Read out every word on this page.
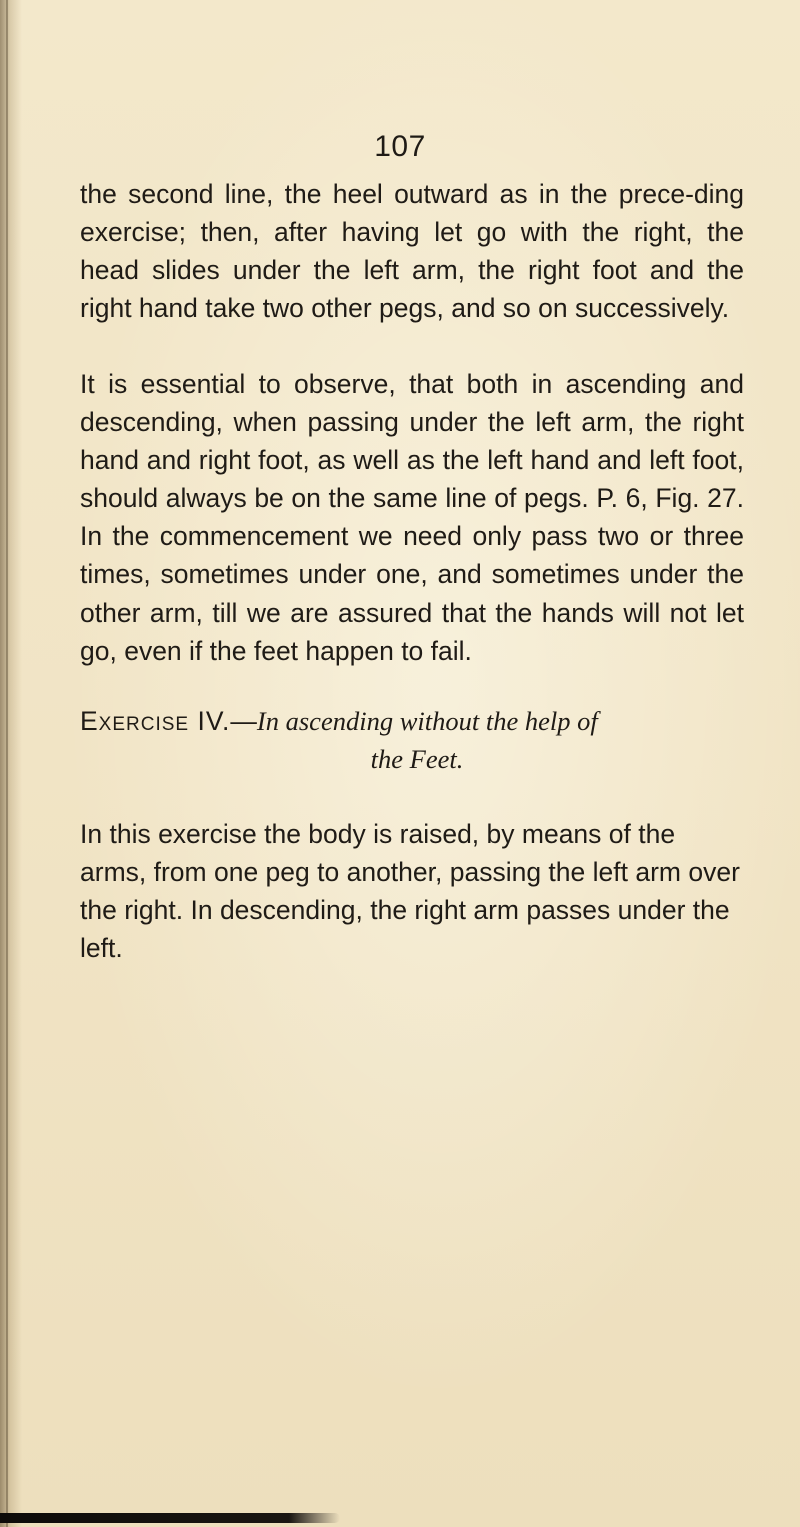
107

the second line, the heel outward as in the prece-ding exercise; then, after having let go with the right, the head slides under the left arm, the right foot and the right hand take two other pegs, and so on successively.

It is essential to observe, that both in ascending and descending, when passing under the left arm, the right hand and right foot, as well as the left hand and left foot, should always be on the same line of pegs. P. 6, Fig. 27. In the commencement we need only pass two or three times, sometimes under one, and sometimes under the other arm, till we are assured that the hands will not let go, even if the feet happen to fail.

Exercise IV.—In ascending without the help of
the Feet.

In this exercise the body is raised, by means of the arms, from one peg to another, passing the left arm over the right. In descending, the right arm passes under the left.
